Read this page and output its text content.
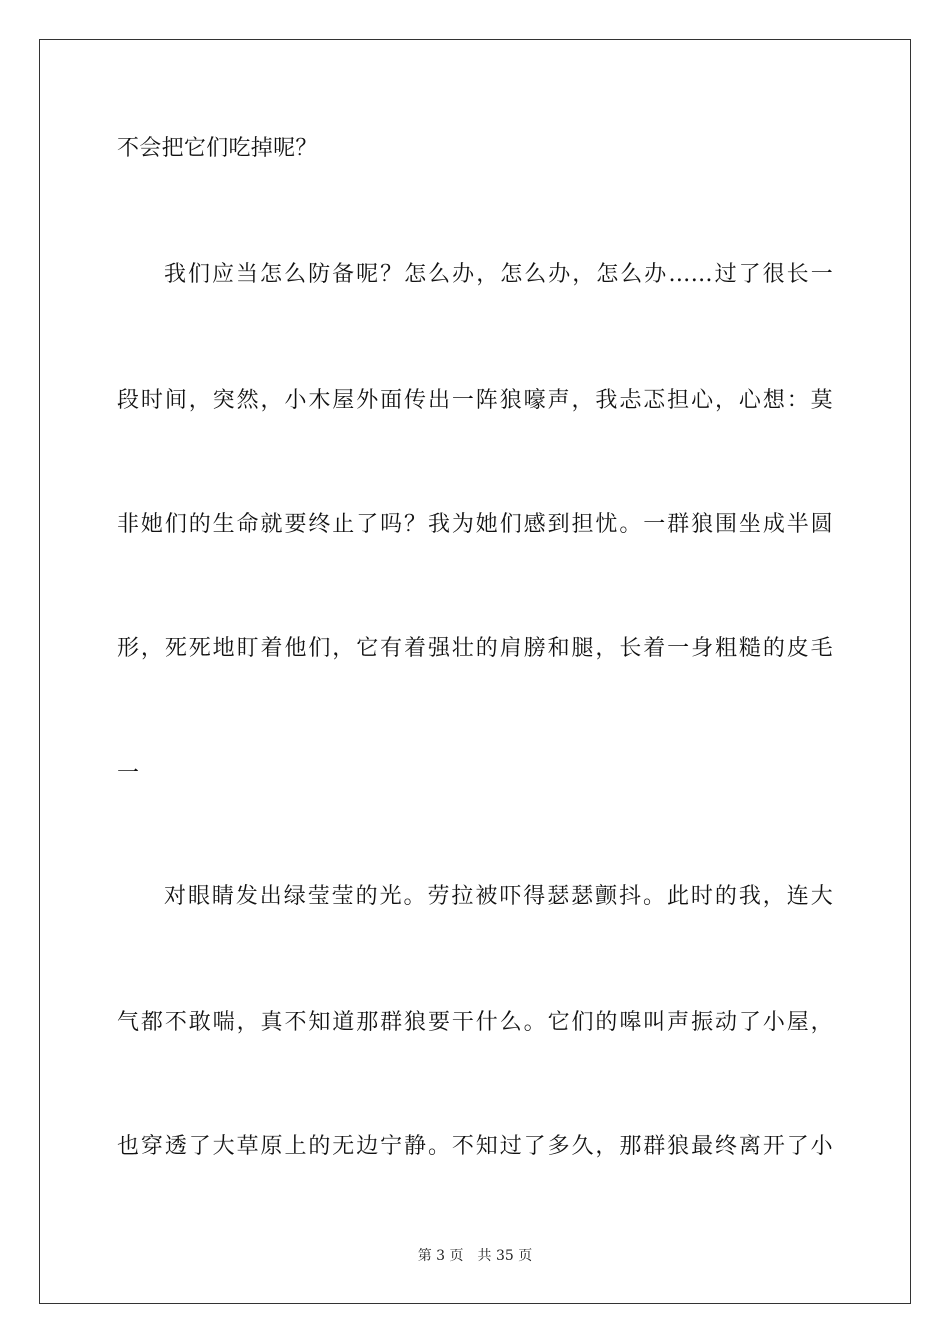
不会把它们吃掉呢？
我们应当怎么防备呢？怎么办，怎么办，怎么办……过了很长一
段时间，突然，小木屋外面传出一阵狼嚎声，我忐忑担心，心想：莫
非她们的生命就要终止了吗？我为她们感到担忧。一群狼围坐成半圆
形，死死地盯着他们，它有着强壮的肩膀和腿，长着一身粗糙的皮毛
一
对眼睛发出绿莹莹的光。劳拉被吓得瑟瑟颤抖。此时的我，连大
气都不敢喘，真不知道那群狼要干什么。它们的嗥叫声振动了小屋，
也穿透了大草原上的无边宁静。不知过了多久，那群狼最终离开了小
第 3 页　共 35 页
